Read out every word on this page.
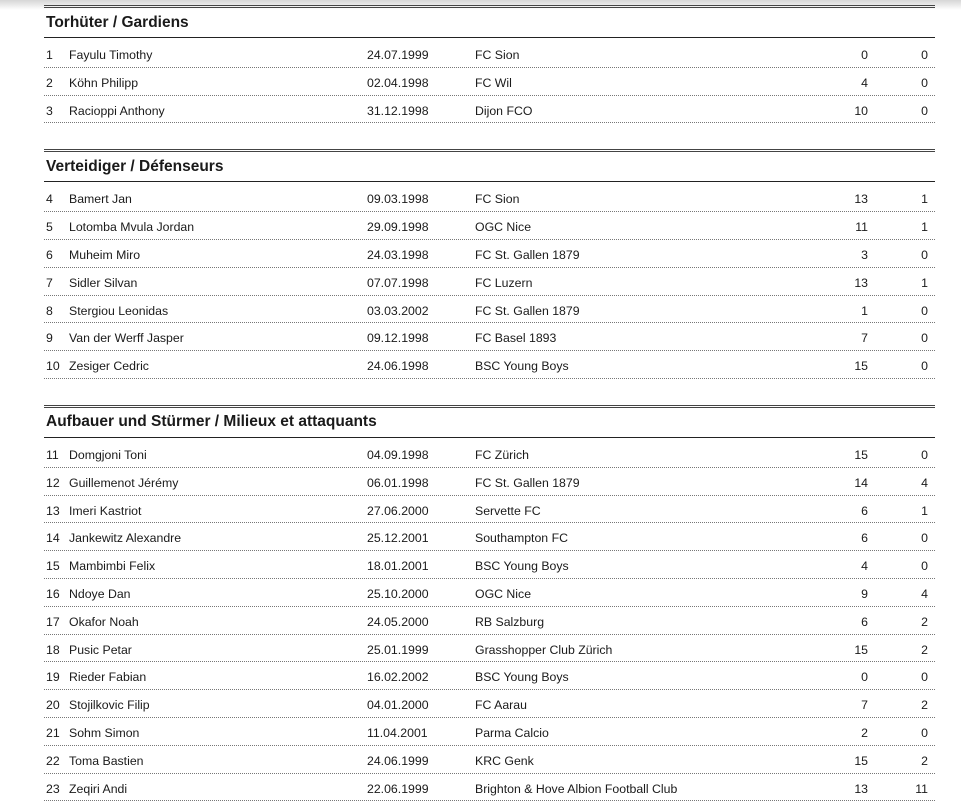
Torhüter / Gardiens
1 Fayulu Timothy	24.07.1999	FC Sion	0	0
2 Köhn Philipp	02.04.1998	FC Wil	4	0
3 Racioppi Anthony	31.12.1998	Dijon FCO	10	0
Verteidiger / Défenseurs
4 Bamert Jan	09.03.1998	FC Sion	13	1
5 Lotomba Mvula Jordan	29.09.1998	OGC Nice	11	1
6 Muheim Miro	24.03.1998	FC St. Gallen 1879	3	0
7 Sidler Silvan	07.07.1998	FC Luzern	13	1
8 Stergiou Leonidas	03.03.2002	FC St. Gallen 1879	1	0
9 Van der Werff Jasper	09.12.1998	FC Basel 1893	7	0
10 Zesiger Cedric	24.06.1998	BSC Young Boys	15	0
Aufbauer und Stürmer / Milieux et attaquants
11 Domgjoni Toni	04.09.1998	FC Zürich	15	0
12 Guillemenot Jérémy	06.01.1998	FC St. Gallen 1879	14	4
13 Imeri Kastriot	27.06.2000	Servette FC	6	1
14 Jankewitz Alexandre	25.12.2001	Southampton FC	6	0
15 Mambimbi Felix	18.01.2001	BSC Young Boys	4	0
16 Ndoye Dan	25.10.2000	OGC Nice	9	4
17 Okafor Noah	24.05.2000	RB Salzburg	6	2
18 Pusic Petar	25.01.1999	Grasshopper Club Zürich	15	2
19 Rieder Fabian	16.02.2002	BSC Young Boys	0	0
20 Stojilkovic Filip	04.01.2000	FC Aarau	7	2
21 Sohm Simon	11.04.2001	Parma Calcio	2	0
22 Toma Bastien	24.06.1999	KRC Genk	15	2
23 Zeqiri Andi	22.06.1999	Brighton & Hove Albion Football Club	13	11
